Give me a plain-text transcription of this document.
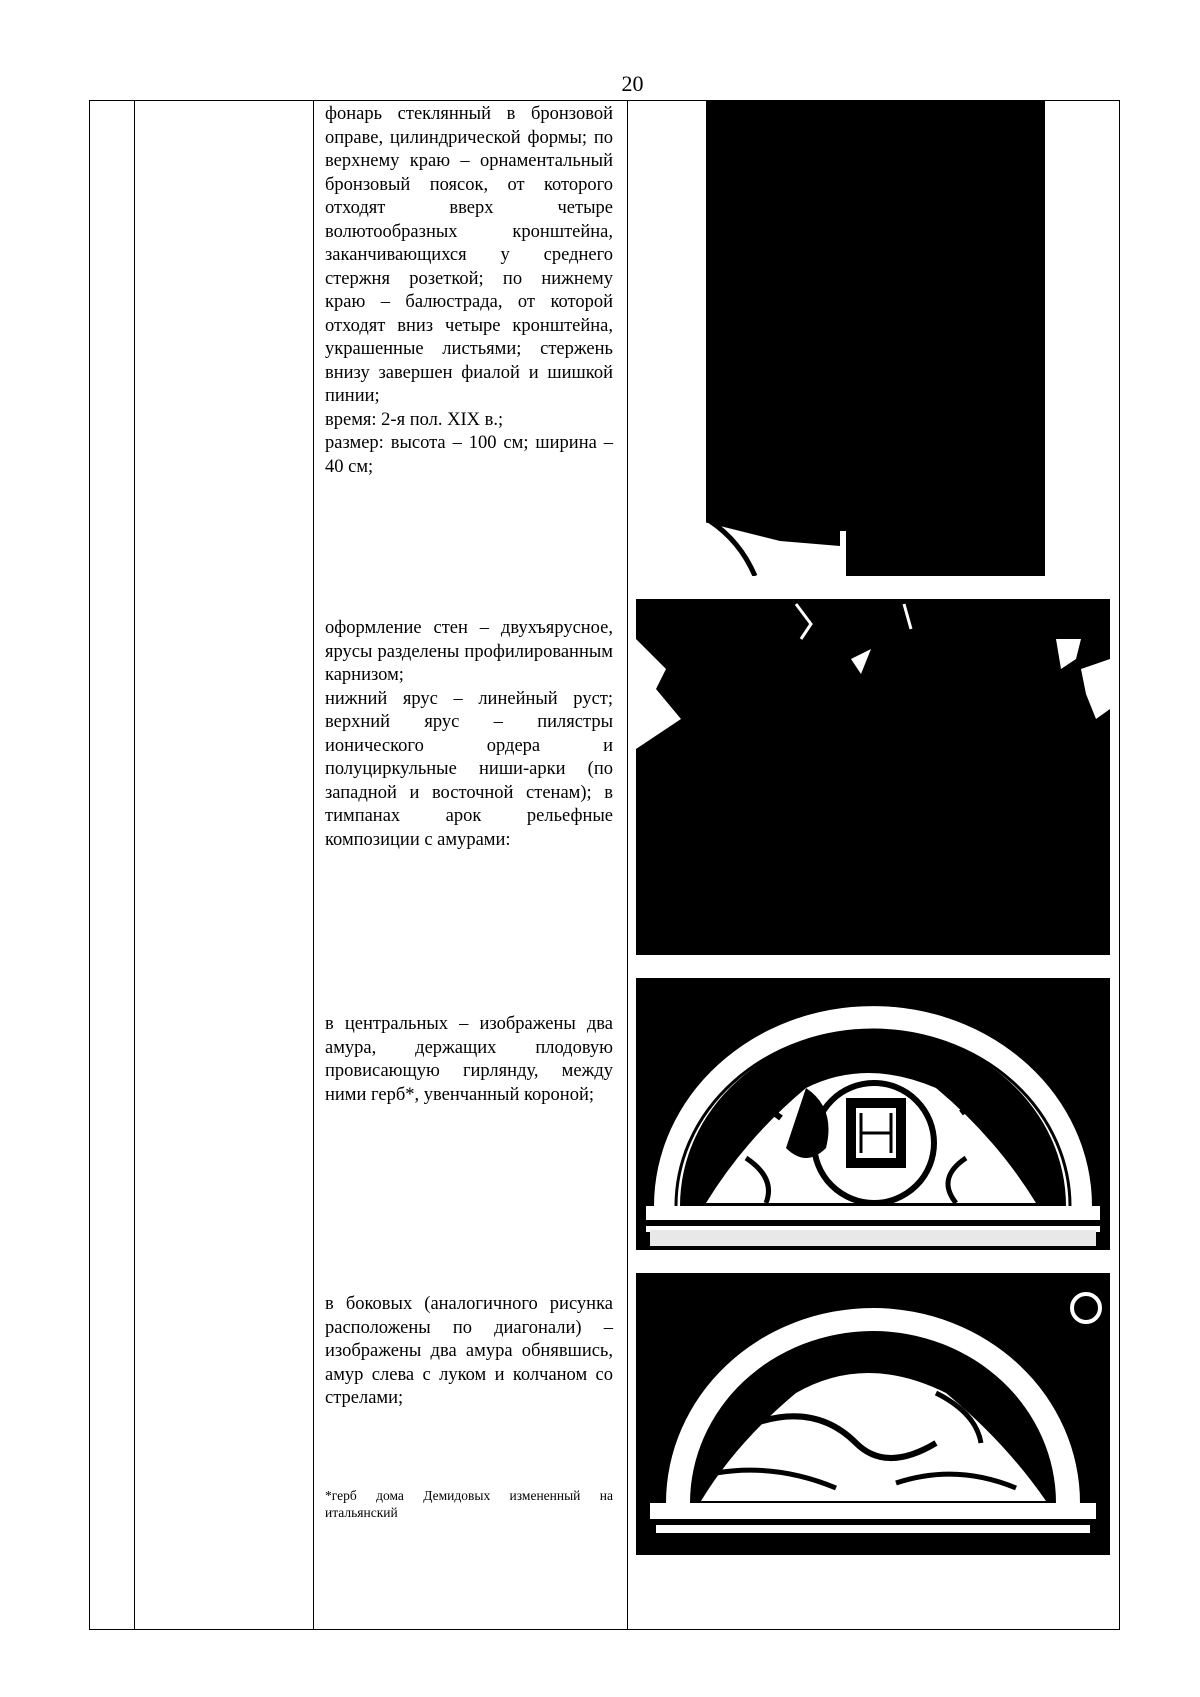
20

фонарь стеклянный в бронзовой оправе, цилиндрической формы; по верхнему краю – орнаментальный бронзовый поясок, от которого отходят вверх четыре волютообразных кронштейна, заканчивающихся у среднего стержня розеткой; по нижнему краю – балюстрада, от которой отходят вниз четыре кронштейна, украшенные листьями; стержень внизу завершен фиалой и шишкой пинии;

время: 2-я пол. XIX в.;

размер: высота – 100 см; ширина – 40 см;

оформление стен – двухъярусное, ярусы разделены профилированным карнизом;

нижний ярус – линейный руст; верхний ярус – пилястры ионического ордера и полуциркульные ниши-арки (по западной и восточной стенам); в тимпанах арок рельефные композиции с амурами:

в центральных – изображены два амура, держащих плодовую провисающую гирлянду, между ними герб*, увенчанный короной;

в боковых (аналогичного рисунка расположены по диагонали) – изображены два амура обнявшись, амур слева с луком и колчаном со стрелами;

*герб дома Демидовых измененный на итальянский
